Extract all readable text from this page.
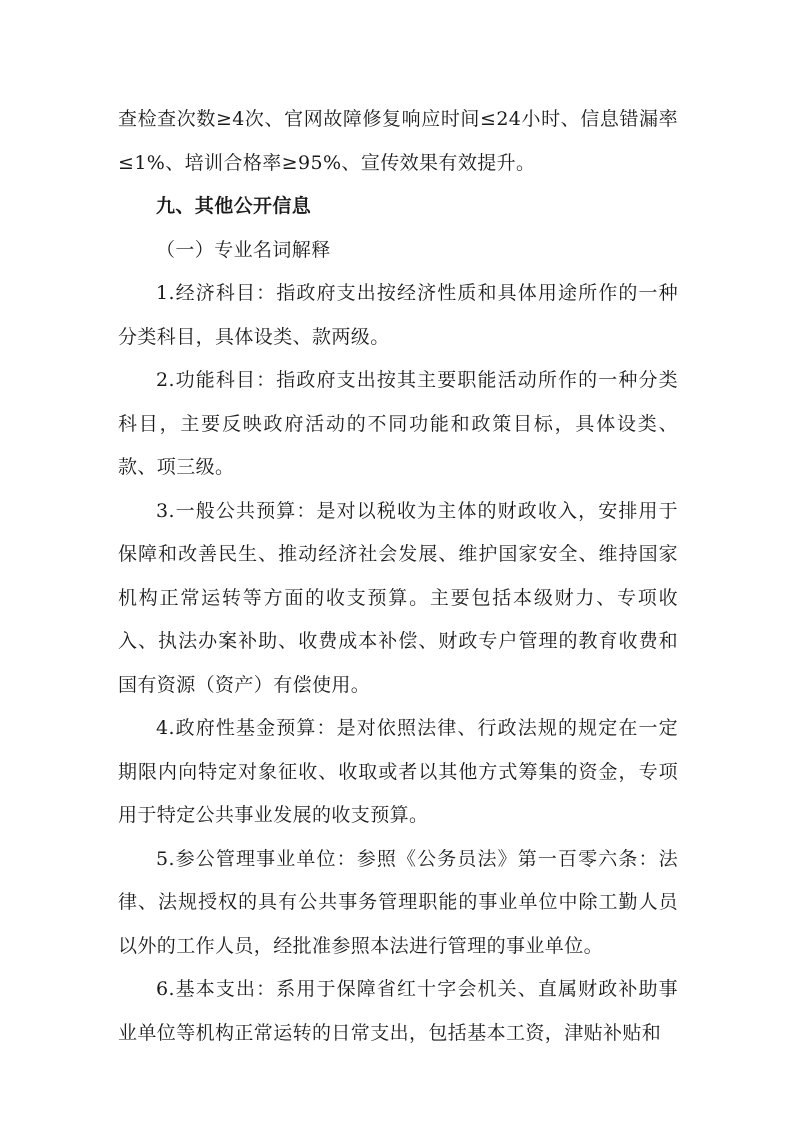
查检查次数≥4次、官网故障修复响应时间≤24小时、信息错漏率≤1%、培训合格率≥95%、宣传效果有效提升。

九、其他公开信息

（一）专业名词解释

1.经济科目：指政府支出按经济性质和具体用途所作的一种分类科目，具体设类、款两级。

2.功能科目：指政府支出按其主要职能活动所作的一种分类科目，主要反映政府活动的不同功能和政策目标，具体设类、款、项三级。

3.一般公共预算：是对以税收为主体的财政收入，安排用于保障和改善民生、推动经济社会发展、维护国家安全、维持国家机构正常运转等方面的收支预算。主要包括本级财力、专项收入、执法办案补助、收费成本补偿、财政专户管理的教育收费和国有资源（资产）有偿使用。

4.政府性基金预算：是对依照法律、行政法规的规定在一定期限内向特定对象征收、收取或者以其他方式筹集的资金，专项用于特定公共事业发展的收支预算。

5.参公管理事业单位：参照《公务员法》第一百零六条：法律、法规授权的具有公共事务管理职能的事业单位中除工勤人员以外的工作人员，经批准参照本法进行管理的事业单位。

6.基本支出：系用于保障省红十字会机关、直属财政补助事业单位等机构正常运转的日常支出，包括基本工资，津贴补贴和
